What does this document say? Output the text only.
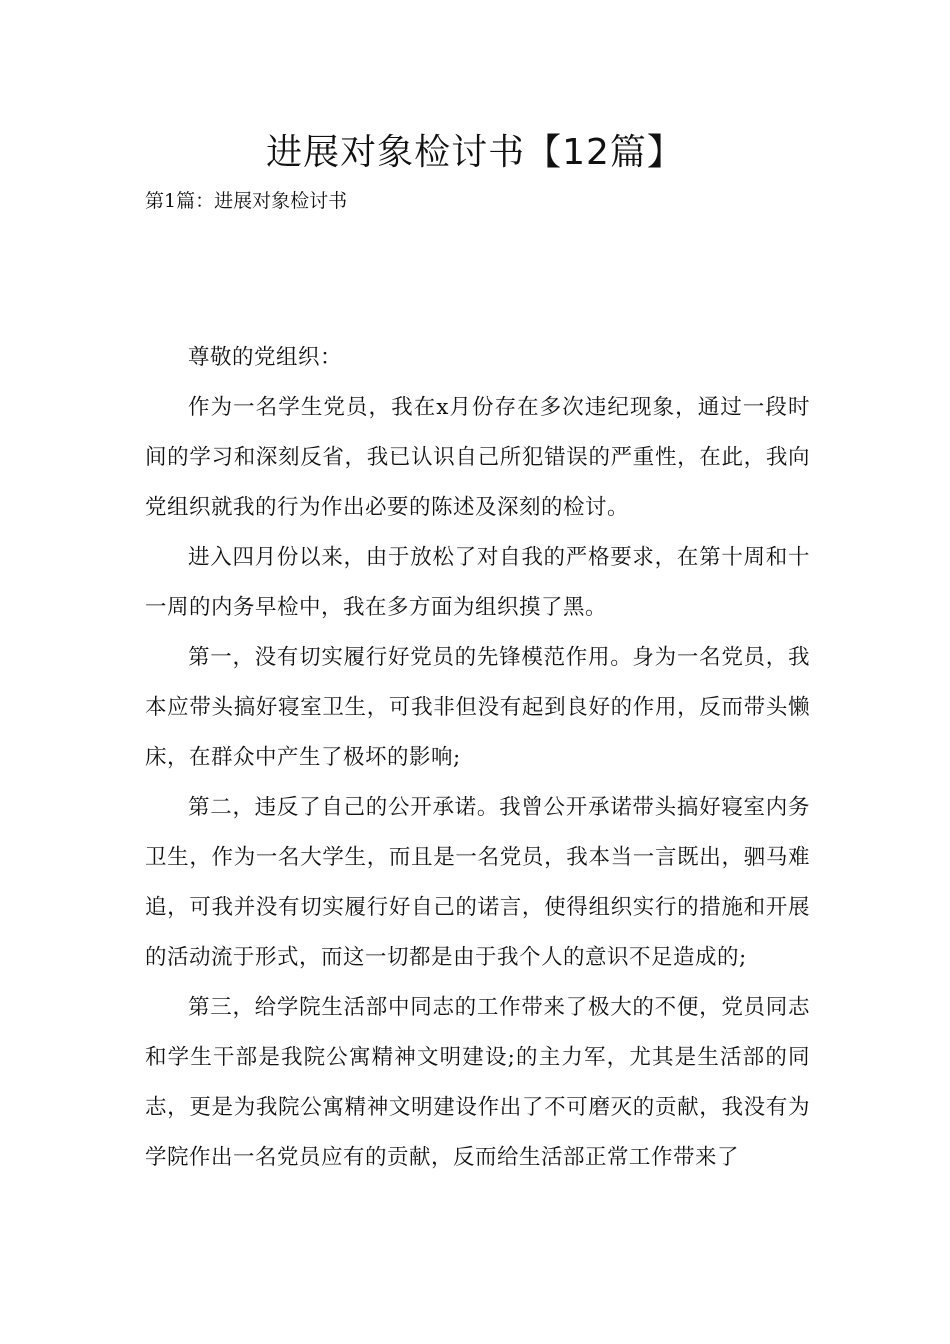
进展对象检讨书【12篇】
第1篇：进展对象检讨书

尊敬的党组织：

作为一名学生党员，我在x月份存在多次违纪现象，通过一段时间的学习和深刻反省，我已认识自己所犯错误的严重性，在此，我向党组织就我的行为作出必要的陈述及深刻的检讨。

进入四月份以来，由于放松了对自我的严格要求，在第十周和十一周的内务早检中，我在多方面为组织摸了黑。

第一，没有切实履行好党员的先锋模范作用。身为一名党员，我本应带头搞好寝室卫生，可我非但没有起到良好的作用，反而带头懒床，在群众中产生了极坏的影响;

第二，违反了自己的公开承诺。我曾公开承诺带头搞好寝室内务卫生，作为一名大学生，而且是一名党员，我本当一言既出，驷马难追，可我并没有切实履行好自己的诺言，使得组织实行的措施和开展的活动流于形式，而这一切都是由于我个人的意识不足造成的;

第三，给学院生活部中同志的工作带来了极大的不便，党员同志和学生干部是我院公寓精神文明建设;的主力军，尤其是生活部的同志，更是为我院公寓精神文明建设作出了不可磨灭的贡献，我没有为学院作出一名党员应有的贡献，反而给生活部正常工作带来了
